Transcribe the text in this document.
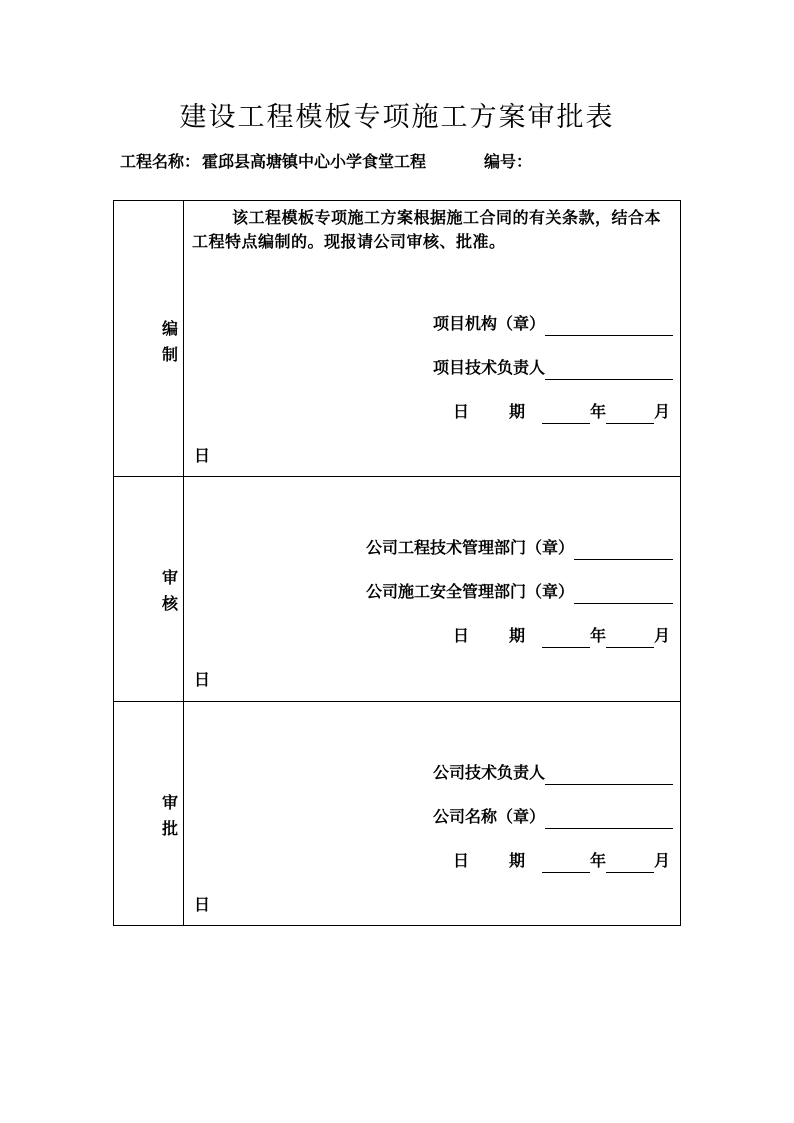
建设工程模板专项施工方案审批表
工程名称： 霍邱县高塘镇中心小学食堂工程	编号：
编
制
该工程模板专项施工方案根据施工合同的有关条款，结合本工程特点编制的。现报请公司审核、批准。
项目机构（章）
项目技术负责人
日	期	年	月
日
审
核
公司工程技术管理部门（章）
公司施工安全管理部门（章）
日	期	年	月
日
审
批
公司技术负责人
公司名称（章）
日	期	年	月
日
